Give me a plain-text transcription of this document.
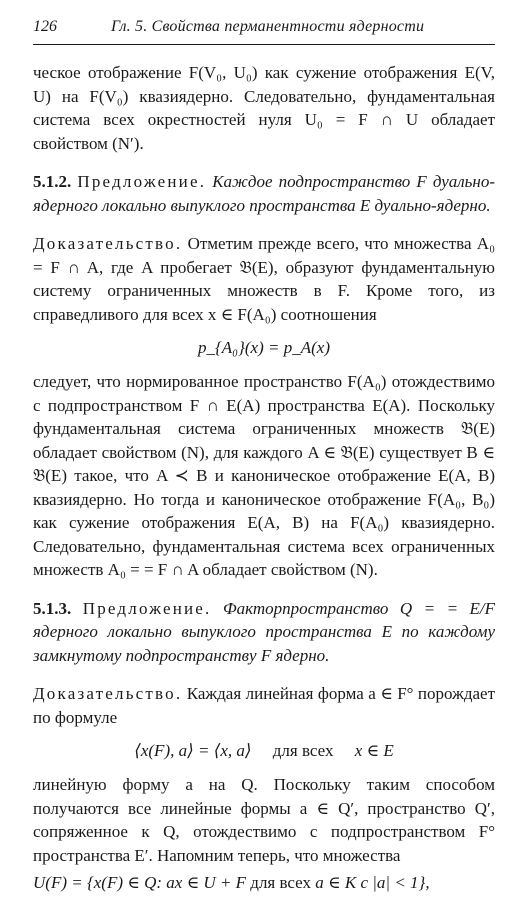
126	Гл. 5. Свойства перманентности ядерности

ческое отображение F(V₀, U₀) как сужение отображения E(V, U) на F(V₀) квазиядерно. Следовательно, фундаментальная система всех окрестностей нуля U₀ = F ∩ U обладает свойством (N′).

5.1.2. Предложение. Каждое подпространство F дуально-ядерного локально выпуклого пространства E дуально-ядерно.

Доказательство. Отметим прежде всего, что множества A₀ = F ∩ A, где A пробегает 𝔅(E), образуют фундаментальную систему ограниченных множеств в F. Кроме того, из справедливого для всех x ∈ F(A₀) соотношения

p_{A₀}(x) = p_A(x)

следует, что нормированное пространство F(A₀) отождествимо с подпространством F ∩ E(A) пространства E(A). Поскольку фундаментальная система ограниченных множеств 𝔅(E) обладает свойством (N), для каждого A ∈ 𝔅(E) существует B ∈ 𝔅(E) такое, что A ≺ B и каноническое отображение E(A, B) квазиядерно. Но тогда и каноническое отображение F(A₀, B₀) как сужение отображения E(A, B) на F(A₀) квазиядерно. Следовательно, фундаментальная система всех ограниченных множеств A₀ = = F ∩ A обладает свойством (N).

5.1.3. Предложение. Факторпространство Q = = E/F ядерного локально выпуклого пространства E по каждому замкнутому подпространству F ядерно.

Доказательство. Каждая линейная форма a ∈ F° порождает по формуле

⟨x(F), a⟩ = ⟨x, a⟩ для всех x ∈ E

линейную форму a на Q. Поскольку таким способом получаются все линейные формы a ∈ Q′, пространство Q′, сопряженное к Q, отождествимо с подпространством F° пространства E′. Напомним теперь, что множества

U(F) = {x(F) ∈ Q: ax ∈ U + F для всех a ∈ K с |a| < 1},
